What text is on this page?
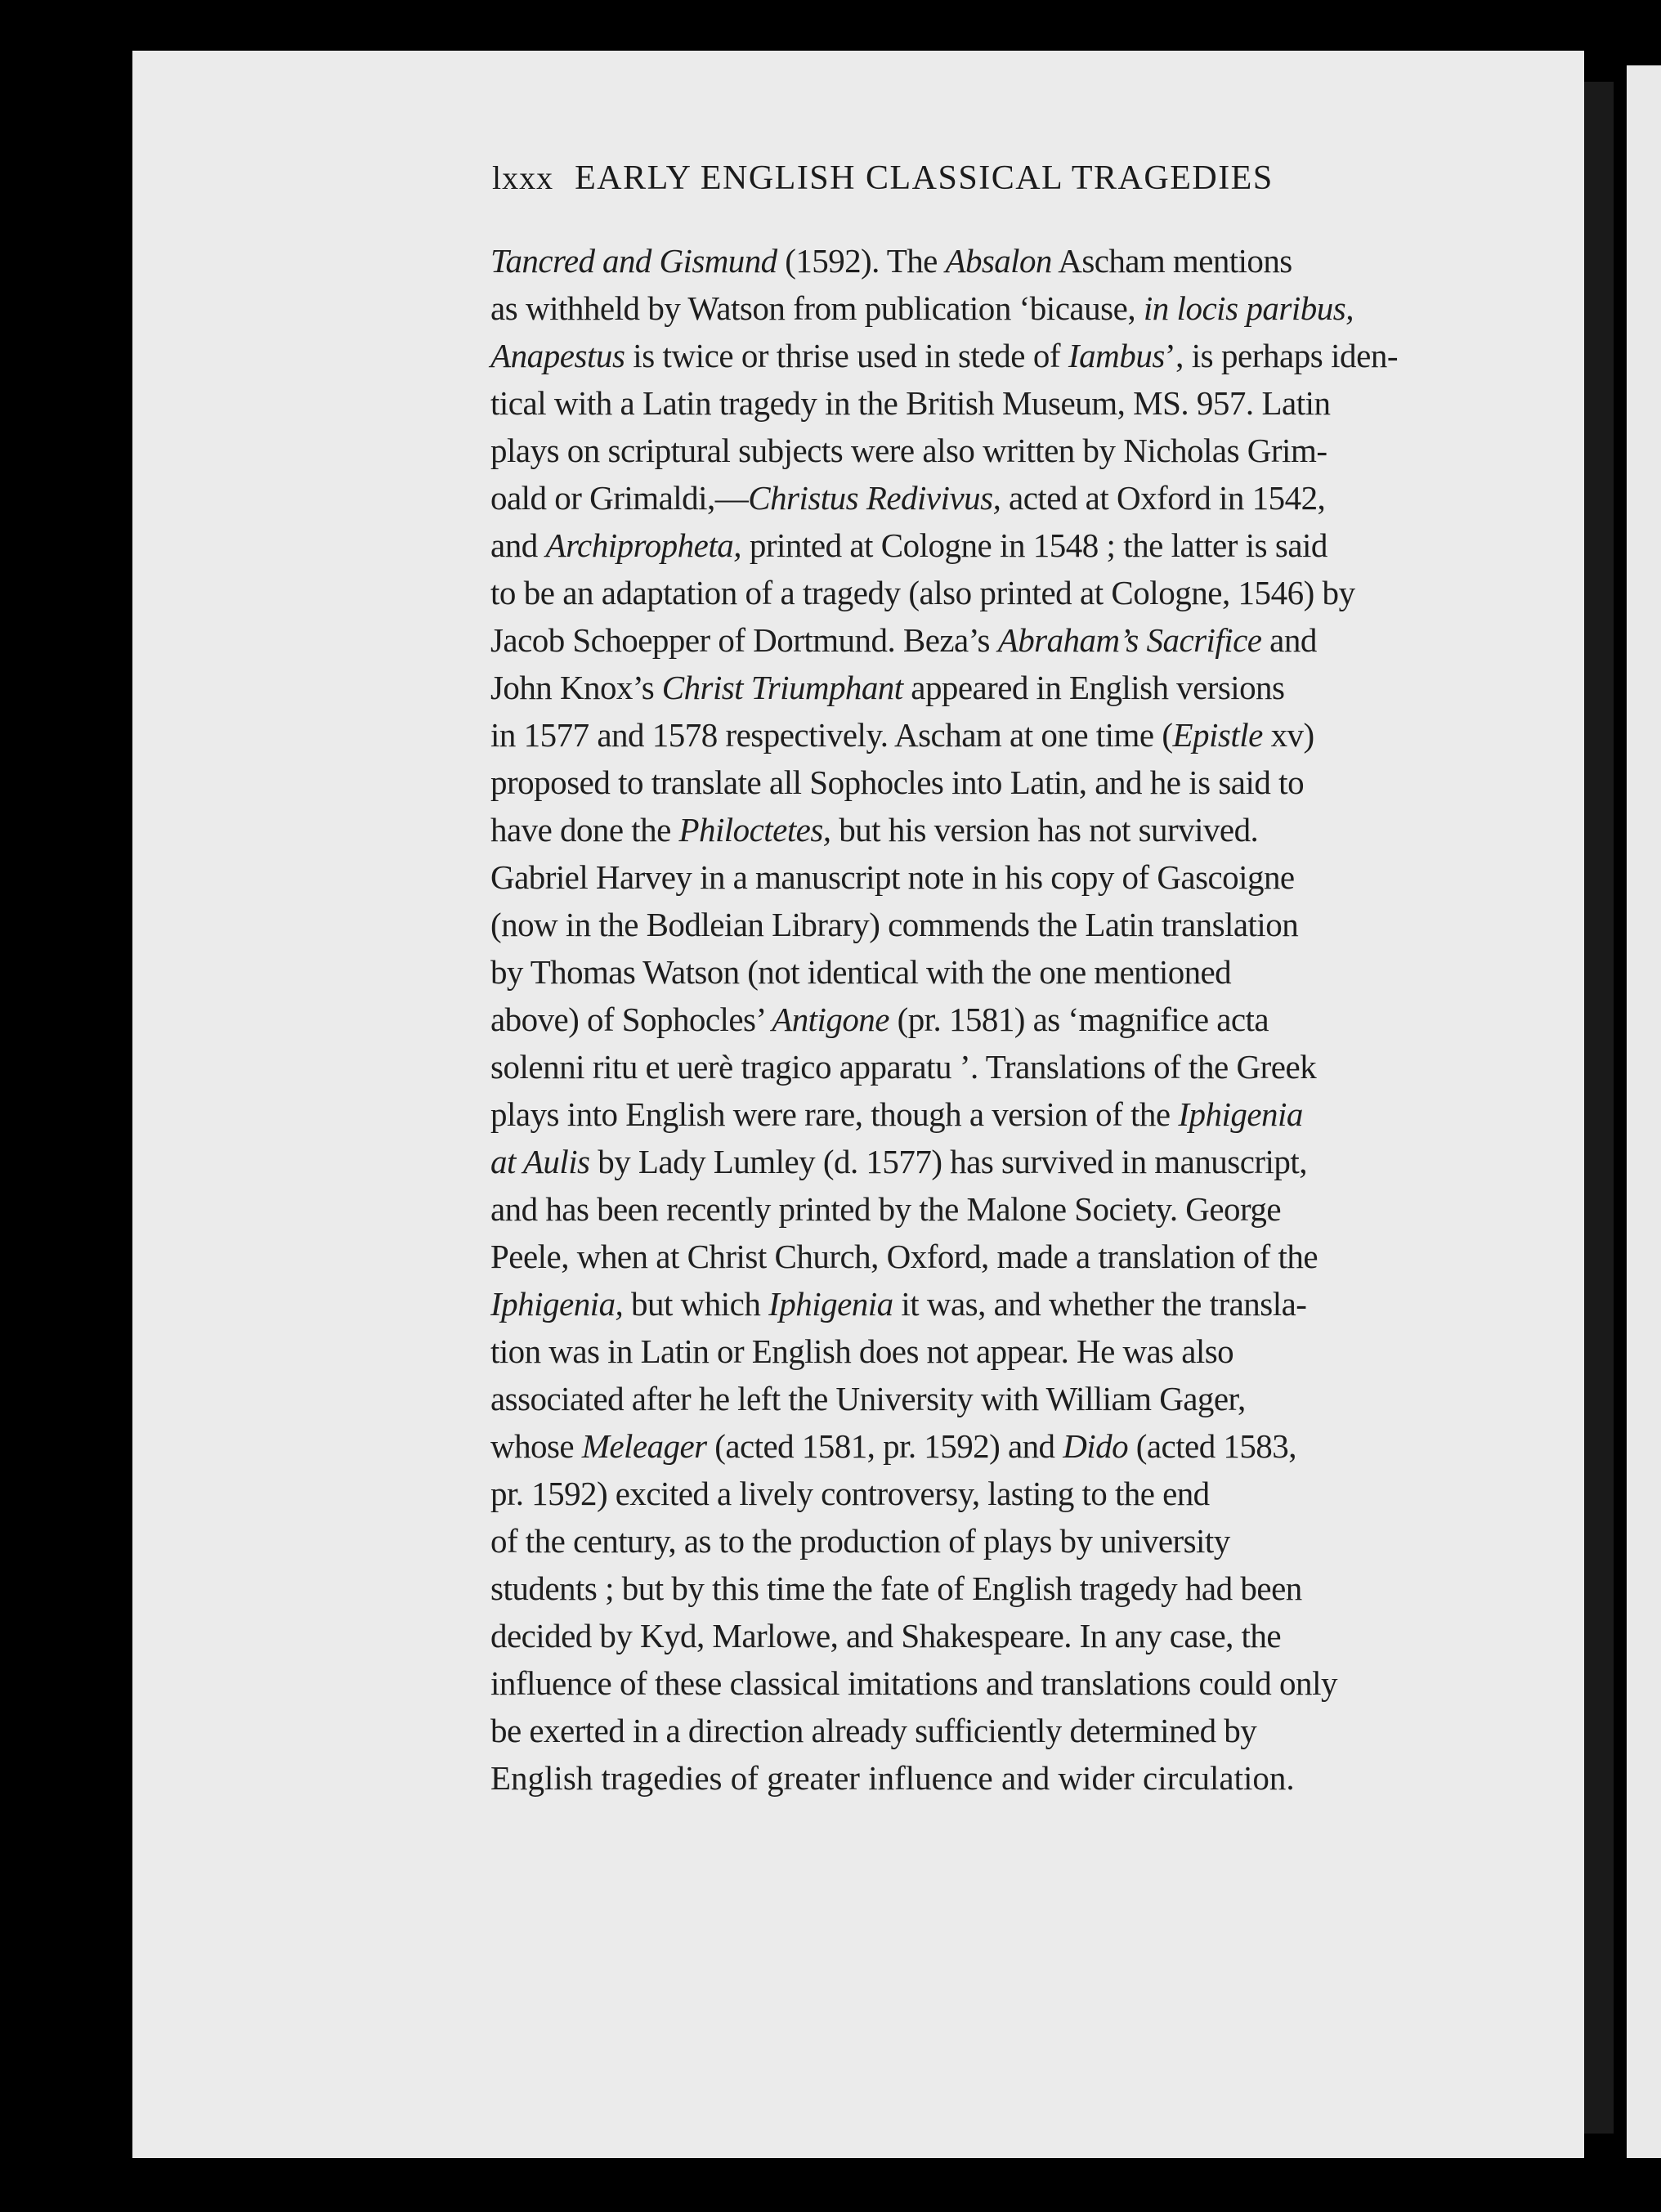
lxxx EARLY ENGLISH CLASSICAL TRAGEDIES
Tancred and Gismund (1592). The Absalon Ascham mentions
as withheld by Watson from publication ‘bicause, in locis paribus,
Anapestus is twice or thrise used in stede of Iambus’, is perhaps iden-
tical with a Latin tragedy in the British Museum, MS. 957. Latin
plays on scriptural subjects were also written by Nicholas Grim-
oald or Grimaldi,—Christus Redivivus, acted at Oxford in 1542,
and Archipropheta, printed at Cologne in 1548 ; the latter is said
to be an adaptation of a tragedy (also printed at Cologne, 1546) by
Jacob Schoepper of Dortmund. Beza’s Abraham’s Sacrifice and
John Knox’s Christ Triumphant appeared in English versions
in 1577 and 1578 respectively. Ascham at one time (Epistle xv)
proposed to translate all Sophocles into Latin, and he is said to
have done the Philoctetes, but his version has not survived.
Gabriel Harvey in a manuscript note in his copy of Gascoigne
(now in the Bodleian Library) commends the Latin translation
by Thomas Watson (not identical with the one mentioned
above) of Sophocles’ Antigone (pr. 1581) as ‘magnifice acta
solenni ritu et uerè tragico apparatu ’. Translations of the Greek
plays into English were rare, though a version of the Iphigenia
at Aulis by Lady Lumley (d. 1577) has survived in manuscript,
and has been recently printed by the Malone Society. George
Peele, when at Christ Church, Oxford, made a translation of the
Iphigenia, but which Iphigenia it was, and whether the transla-
tion was in Latin or English does not appear. He was also
associated after he left the University with William Gager,
whose Meleager (acted 1581, pr. 1592) and Dido (acted 1583,
pr. 1592) excited a lively controversy, lasting to the end
of the century, as to the production of plays by university
students ; but by this time the fate of English tragedy had been
decided by Kyd, Marlowe, and Shakespeare. In any case, the
influence of these classical imitations and translations could only
be exerted in a direction already sufficiently determined by
English tragedies of greater influence and wider circulation.
